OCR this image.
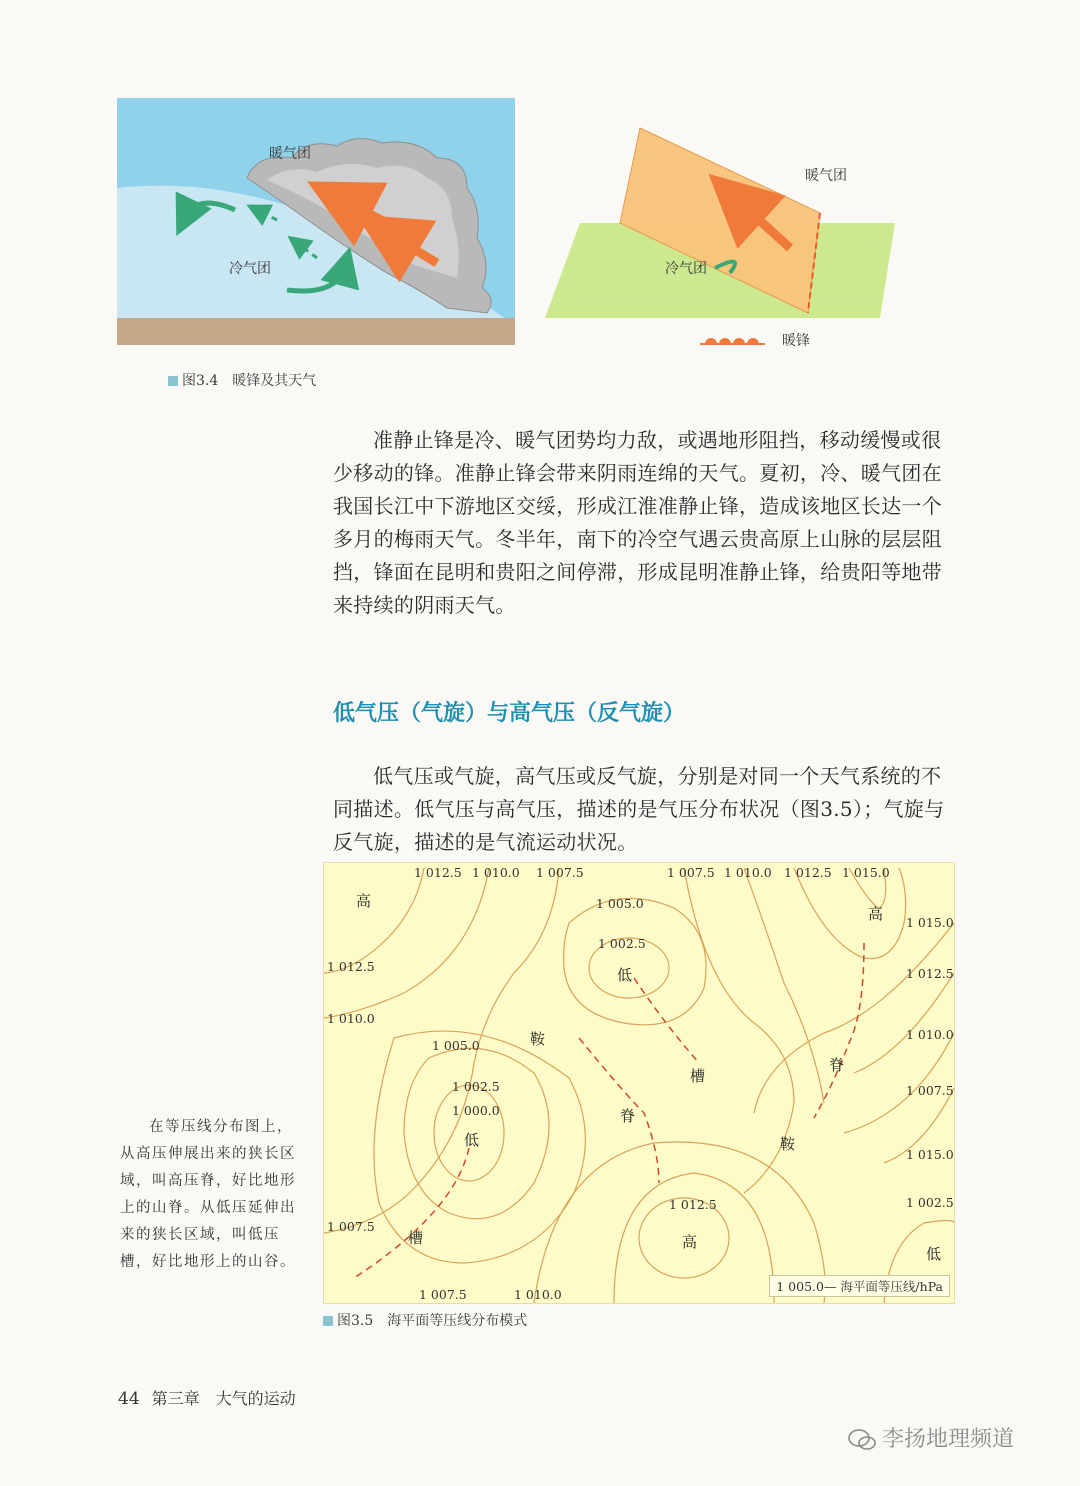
暖气团
冷气团
暖气团
冷气团
暖锋
图3.4　暖锋及其天气

准静止锋是冷、暖气团势均力敌，或遇地形阻挡，移动缓慢或很少移动的锋。准静止锋会带来阴雨连绵的天气。夏初，冷、暖气团在我国长江中下游地区交绥，形成江淮准静止锋，造成该地区长达一个多月的梅雨天气。冬半年，南下的冷空气遇云贵高原上山脉的层层阻挡，锋面在昆明和贵阳之间停滞，形成昆明准静止锋，给贵阳等地带来持续的阴雨天气。

低气压（气旋）与高气压（反气旋）

低气压或气旋，高气压或反气旋，分别是对同一个天气系统的不同描述。低气压与高气压，描述的是气压分布状况（图3.5）；气旋与反气旋，描述的是气流运动状况。

1 012.5 1 010.0 1 007.5	1 007.5 1 010.0 1 012.5 1 015.0
1 005.0
1 002.5
1 012.5
1 010.0
1 005.0
1 002.5
1 000.0
1 015.0
1 012.5
1 010.0
1 007.5
1 015.0
1 002.5
1 007.5
1 012.5
1 007.5	1 010.0
高
低
鞍
低
槽
脊
高
脊
鞍
槽	高
低
1 005.0— 海平面等压线/hPa
图3.5　海平面等压线分布模式

在等压线分布图上，从高压伸展出来的狭长区域，叫高压脊，好比地形上的山脊。从低压延伸出来的狭长区域，叫低压槽，好比地形上的山谷。

44 第三章　大气的运动
李扬地理频道
